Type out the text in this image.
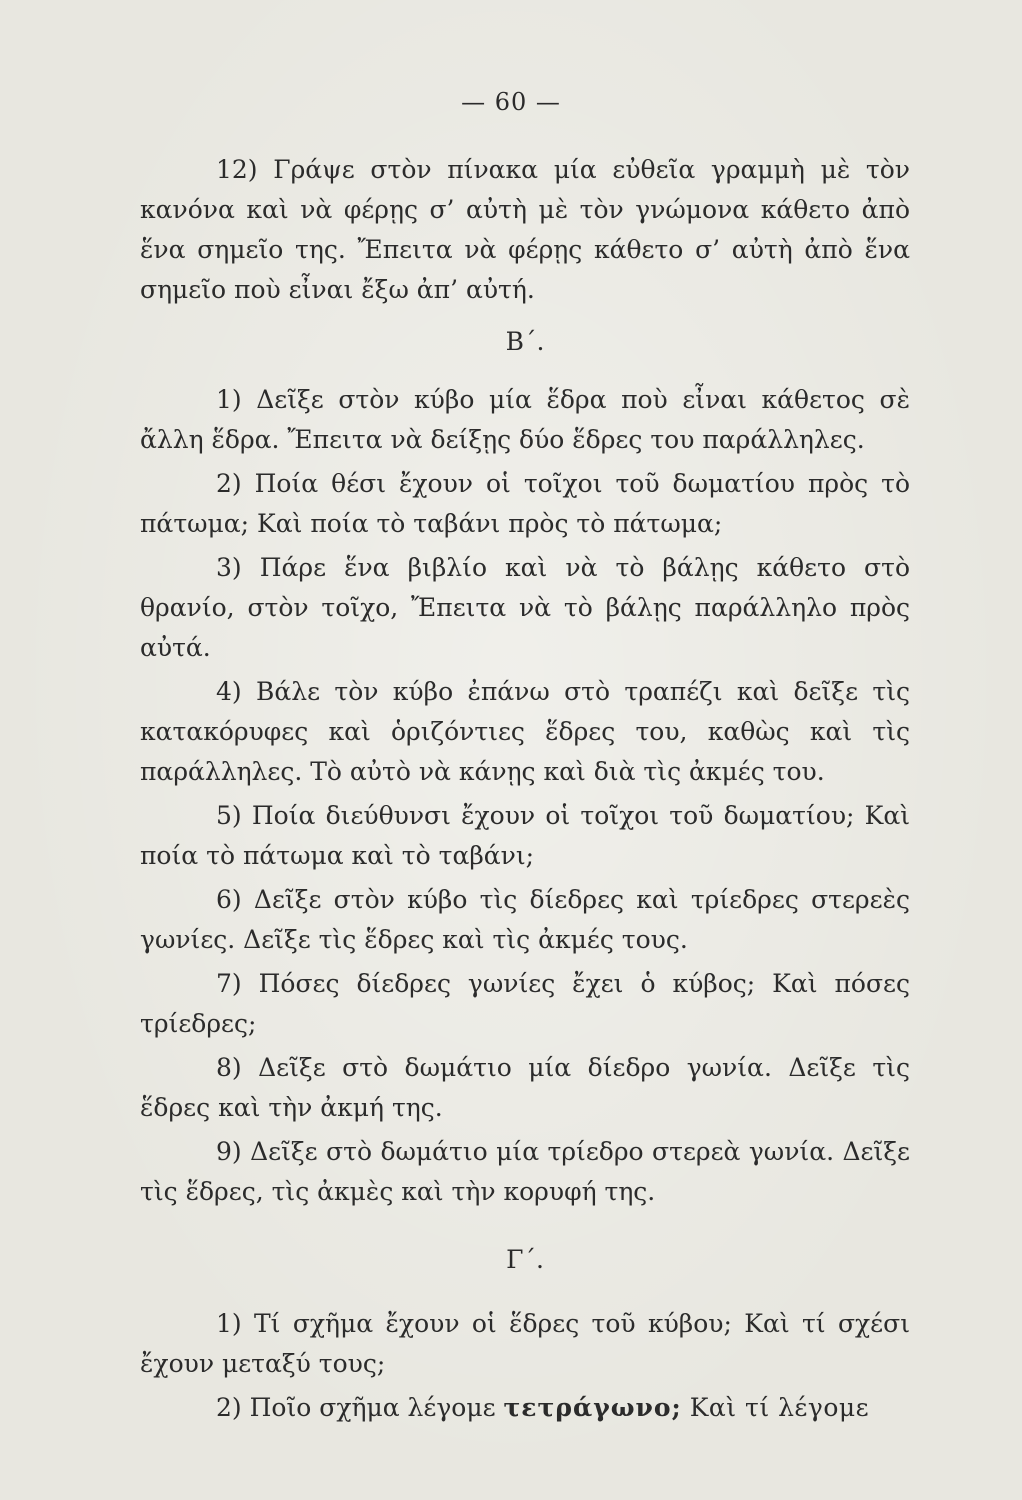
— 60 —

12) Γράψε στὸν πίνακα μία εὐθεῖα γραμμὴ μὲ τὸν κανόνα καὶ νὰ φέρῃς σ’ αὐτὴ μὲ τὸν γνώμονα κάθετο ἀπὸ ἕνα σημεῖο της. Ἔπειτα νὰ φέρῃς κάθετο σ’ αὐτὴ ἀπὸ ἕνα σημεῖο ποὺ εἶναι ἔξω ἀπ’ αὐτή.

Β΄.

1) Δεῖξε στὸν κύβο μία ἕδρα ποὺ εἶναι κάθετος σὲ ἄλλη ἕδρα. Ἔπειτα νὰ δείξῃς δύο ἕδρες του παράλληλες.

2) Ποία θέσι ἔχουν οἱ τοῖχοι τοῦ δωματίου πρὸς τὸ πάτωμα; Καὶ ποία τὸ ταβάνι πρὸς τὸ πάτωμα;

3) Πάρε ἕνα βιβλίο καὶ νὰ τὸ βάλῃς κάθετο στὸ θρανίο, στὸν τοῖχο, Ἔπειτα νὰ τὸ βάλῃς παράλληλο πρὸς αὐτά.

4) Βάλε τὸν κύβο ἐπάνω στὸ τραπέζι καὶ δεῖξε τὶς κατακόρυφες καὶ ὁριζόντιες ἕδρες του, καθὼς καὶ τὶς παράλληλες. Τὸ αὐτὸ νὰ κάνῃς καὶ διὰ τὶς ἀκμές του.

5) Ποία διεύθυνσι ἔχουν οἱ τοῖχοι τοῦ δωματίου; Καὶ ποία τὸ πάτωμα καὶ τὸ ταβάνι;

6) Δεῖξε στὸν κύβο τὶς δίεδρες καὶ τρίεδρες στερεὲς γωνίες. Δεῖξε τὶς ἕδρες καὶ τὶς ἀκμές τους.

7) Πόσες δίεδρες γωνίες ἔχει ὁ κύβος; Καὶ πόσες τρίεδρες;

8) Δεῖξε στὸ δωμάτιο μία δίεδρο γωνία. Δεῖξε τὶς ἕδρες καὶ τὴν ἀκμή της.

9) Δεῖξε στὸ δωμάτιο μία τρίεδρο στερεὰ γωνία. Δεῖξε τὶς ἕδρες, τὶς ἀκμὲς καὶ τὴν κορυφή της.

Γ΄.

1) Τί σχῆμα ἔχουν οἱ ἕδρες τοῦ κύβου; Καὶ τί σχέσι ἔχουν μεταξύ τους;

2) Ποῖο σχῆμα λέγομε τετράγωνο; Καὶ τί λέγομε
